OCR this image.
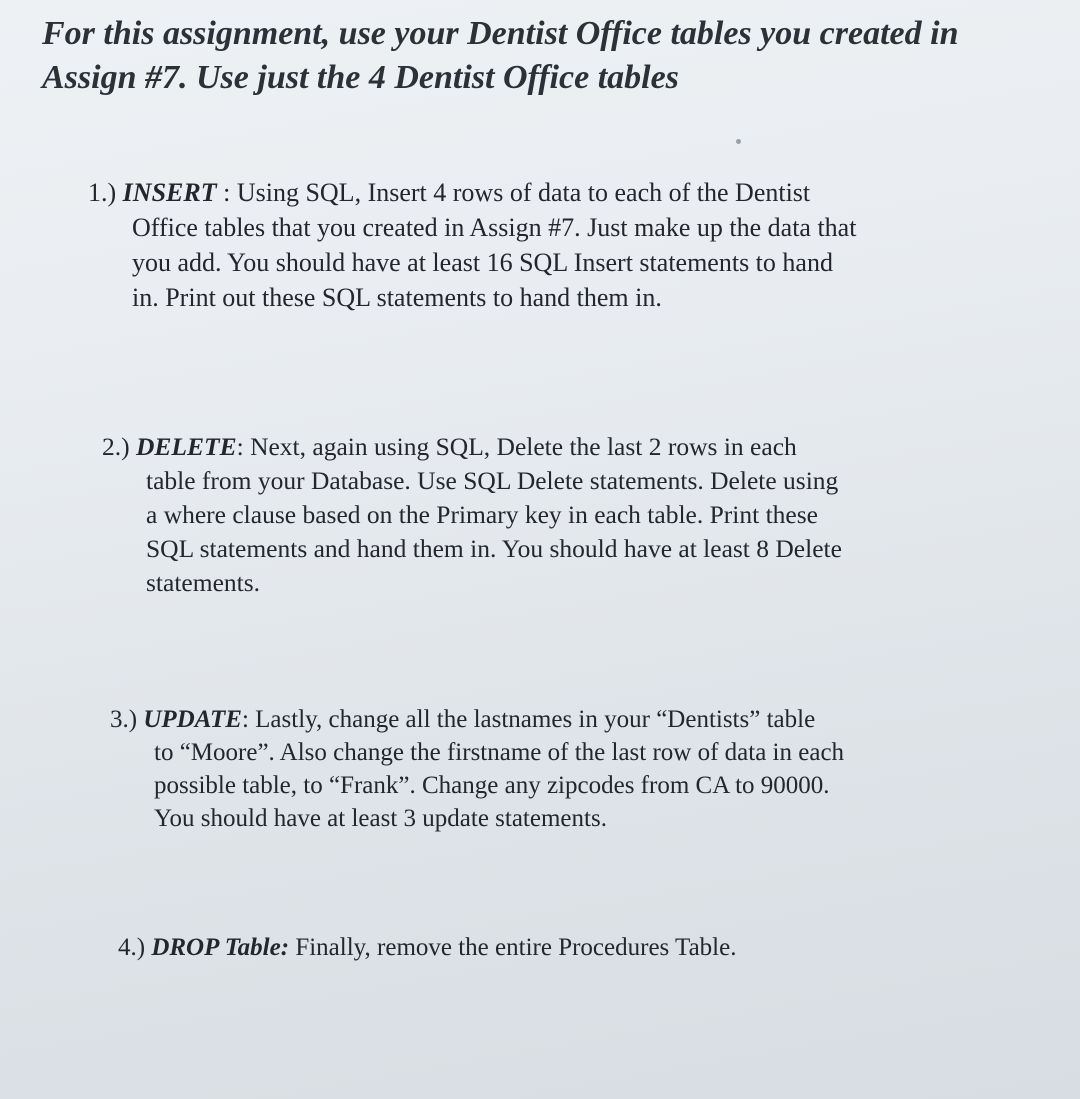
For this assignment, use your Dentist Office tables you created in
Assign #7. Use just the 4 Dentist Office tables
1.) INSERT : Using SQL, Insert 4 rows of data to each of the Dentist
Office tables that you created in Assign #7. Just make up the data that
you add. You should have at least 16 SQL Insert statements to hand
in. Print out these SQL statements to hand them in.
2.) DELETE: Next, again using SQL, Delete the last 2 rows in each
table from your Database. Use SQL Delete statements. Delete using
a where clause based on the Primary key in each table. Print these
SQL statements and hand them in. You should have at least 8 Delete
statements.
3.) UPDATE: Lastly, change all the lastnames in your “Dentists” table
to “Moore”. Also change the firstname of the last row of data in each
possible table, to “Frank”. Change any zipcodes from CA to 90000.
You should have at least 3 update statements.
4.) DROP Table: Finally, remove the entire Procedures Table.
